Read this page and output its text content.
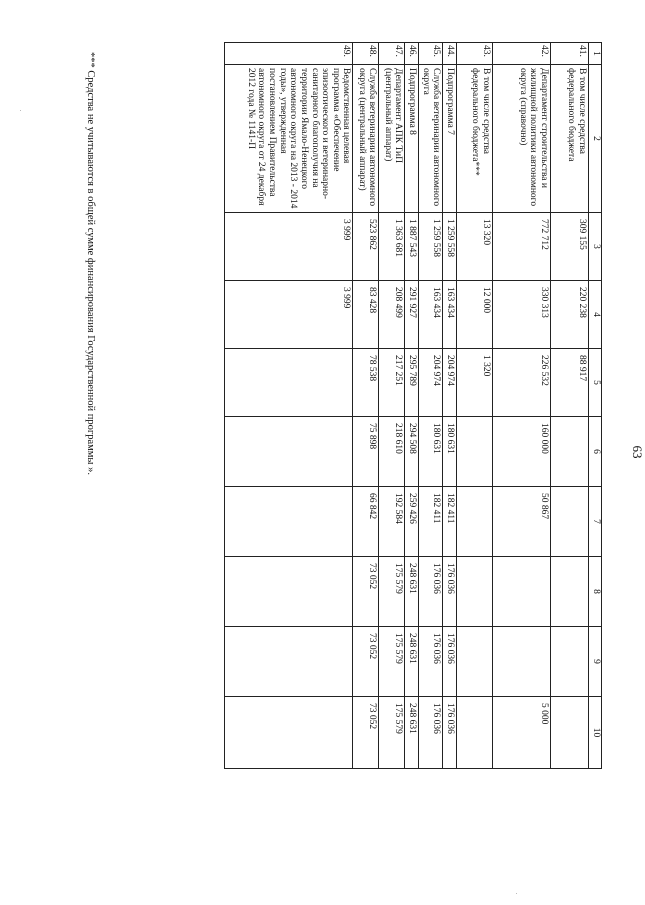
63
1	2	3	4	5	6	7	8	9	10
41.	В том числе средства федерального бюджета	309 155	220 238	88 917					
42.	Департамент строительства и жилищной политики автономного округа (справочно)	772 712	330 313	226 532	160 000	50 867			5 000
43.	В том числе средства федерального бюджета***	13 320	12 000	1 320					
44.	Подпрограмма 7	1 259 558	163 434	204 974	180 631	182 411	176 036	176 036	176 036
45.	Служба ветеринарии автономного округа	1 259 558	163 434	204 974	180 631	182 411	176 036	176 036	176 036
46.	Подпрограмма 8	1 887 543	291 927	295 789	294 508	259 426	248 631	248 631	248 631
47.	Департамент АПК ТиП (центральный аппарат)	1 363 681	208 499	217 251	218 610	192 584	175 579	175 579	175 579
48.	Служба ветеринарии автономного округа (центральный аппарат)	523 862	83 428	78 538	75 898	66 842	73 052	73 052	73 052
49.	Ведомственная целевая программа «Обеспечение эпизоотического и ветеринарно-санитарного благополучия на территории Ямало-Ненецкого автономного округа на 2013 - 2014 годы», утвержденная постановлением Правительства автономного округа от 24 декабря 2012 года № 1141-П	3 999	3 999						
*** Средства не учитываются в общей сумме финансирования Государственной программы ».
